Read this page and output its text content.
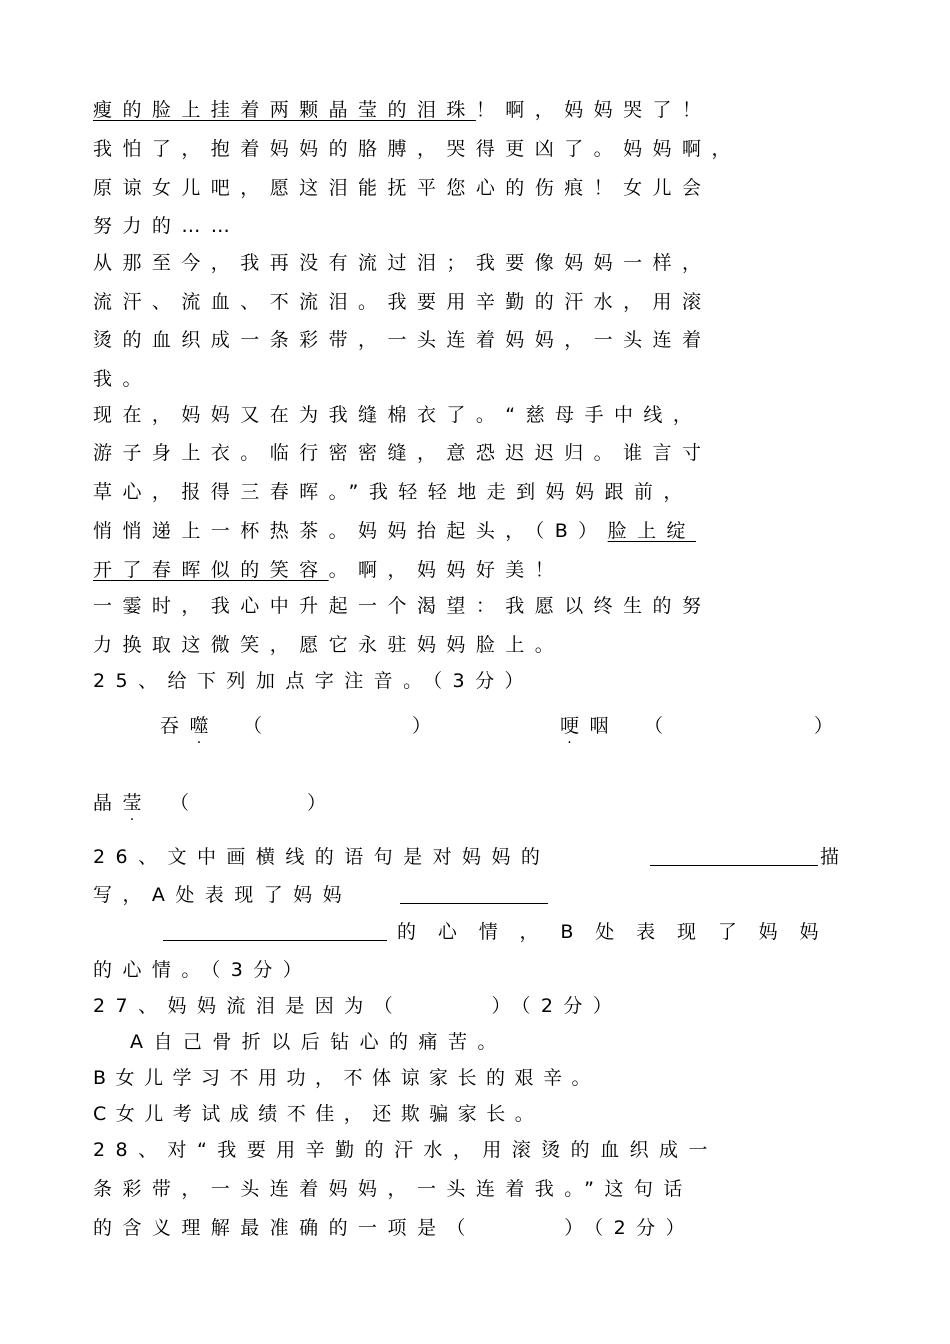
瘦的脸上挂着两颗晶莹的泪珠！啊，妈妈哭了！
我怕了，抱着妈妈的胳膊，哭得更凶了。妈妈啊，
原谅女儿吧，愿这泪能抚平您心的伤痕！女儿会
努力的……
从那至今，我再没有流过泪；我要像妈妈一样，
流汗、流血、不流泪。我要用辛勤的汗水，用滚
烫的血织成一条彩带，一头连着妈妈，一头连着
我。
现在，妈妈又在为我缝棉衣了。“慈母手中线，
游子身上衣。临行密密缝，意恐迟迟归。谁言寸
草心，报得三春晖。”我轻轻地走到妈妈跟前，
悄悄递上一杯热茶。妈妈抬起头，（B）脸上绽
开了春晖似的笑容。啊，妈妈好美！
一霎时，我心中升起一个渴望：我愿以终生的努
力换取这微笑，愿它永驻妈妈脸上。
25、给下列加点字注音。（3分）
吞噬 （	）	哽咽 （	）
晶莹 （	）
26、文中画横线的语句是对妈妈的	描
写，A处表现了妈妈
的心情，B处表现了妈妈
的心情。（3分）
27、妈妈流泪是因为（　　　）（2分）
A自己骨折以后钻心的痛苦。
B女儿学习不用功，不体谅家长的艰辛。
C女儿考试成绩不佳，还欺骗家长。
28、对“我要用辛勤的汗水，用滚烫的血织成一
条彩带，一头连着妈妈，一头连着我。”这句话
的含义理解最准确的一项是（　　　）（2分）
